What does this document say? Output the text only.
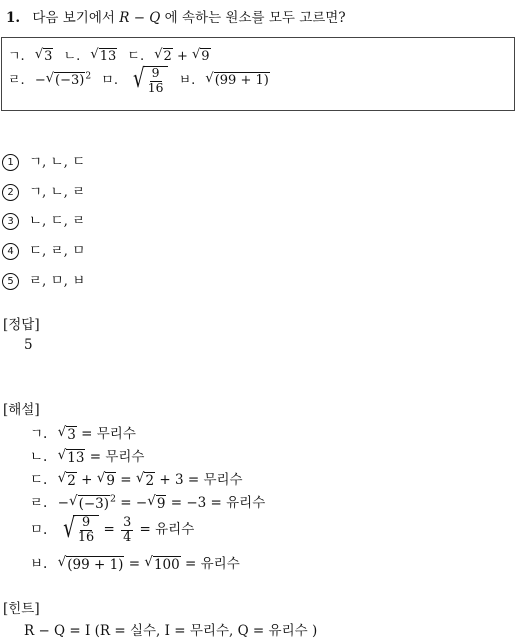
1. 다음 보기에서 R − Q 에 속하는 원소를 모두 고르면?
ㄱ. √ 3 ㄴ. √ 13 ㄷ. √ 2 + √ 9
ㄹ. − √ (−3) $^2$ ㅁ. √ $\frac{9}{16}$ ㅂ. √ (99 + 1)
1 ㄱ, ㄴ, ㄷ
2 ㄱ, ㄴ, ㄹ
3 ㄴ, ㄷ, ㄹ
4 ㄷ, ㄹ, ㅁ
5 ㄹ, ㅁ, ㅂ
[정답]
5
[해설]
ㄱ. √ 3 = 무리수
ㄴ. √ 13 = 무리수
ㄷ. √ 2 + √ 9 = √ 2 + 3 = 무리수
ㄹ. − √ (−3) $^2$ = − √ 9 = −3 = 유리수
ㅁ. √ $\frac{9}{16} = \frac{3}{4}$ = 유리수
ㅂ. √ (99 + 1) = √ 100 = 유리수
[힌트]
R − Q = I (R = 실수, I = 무리수, Q = 유리수 )
